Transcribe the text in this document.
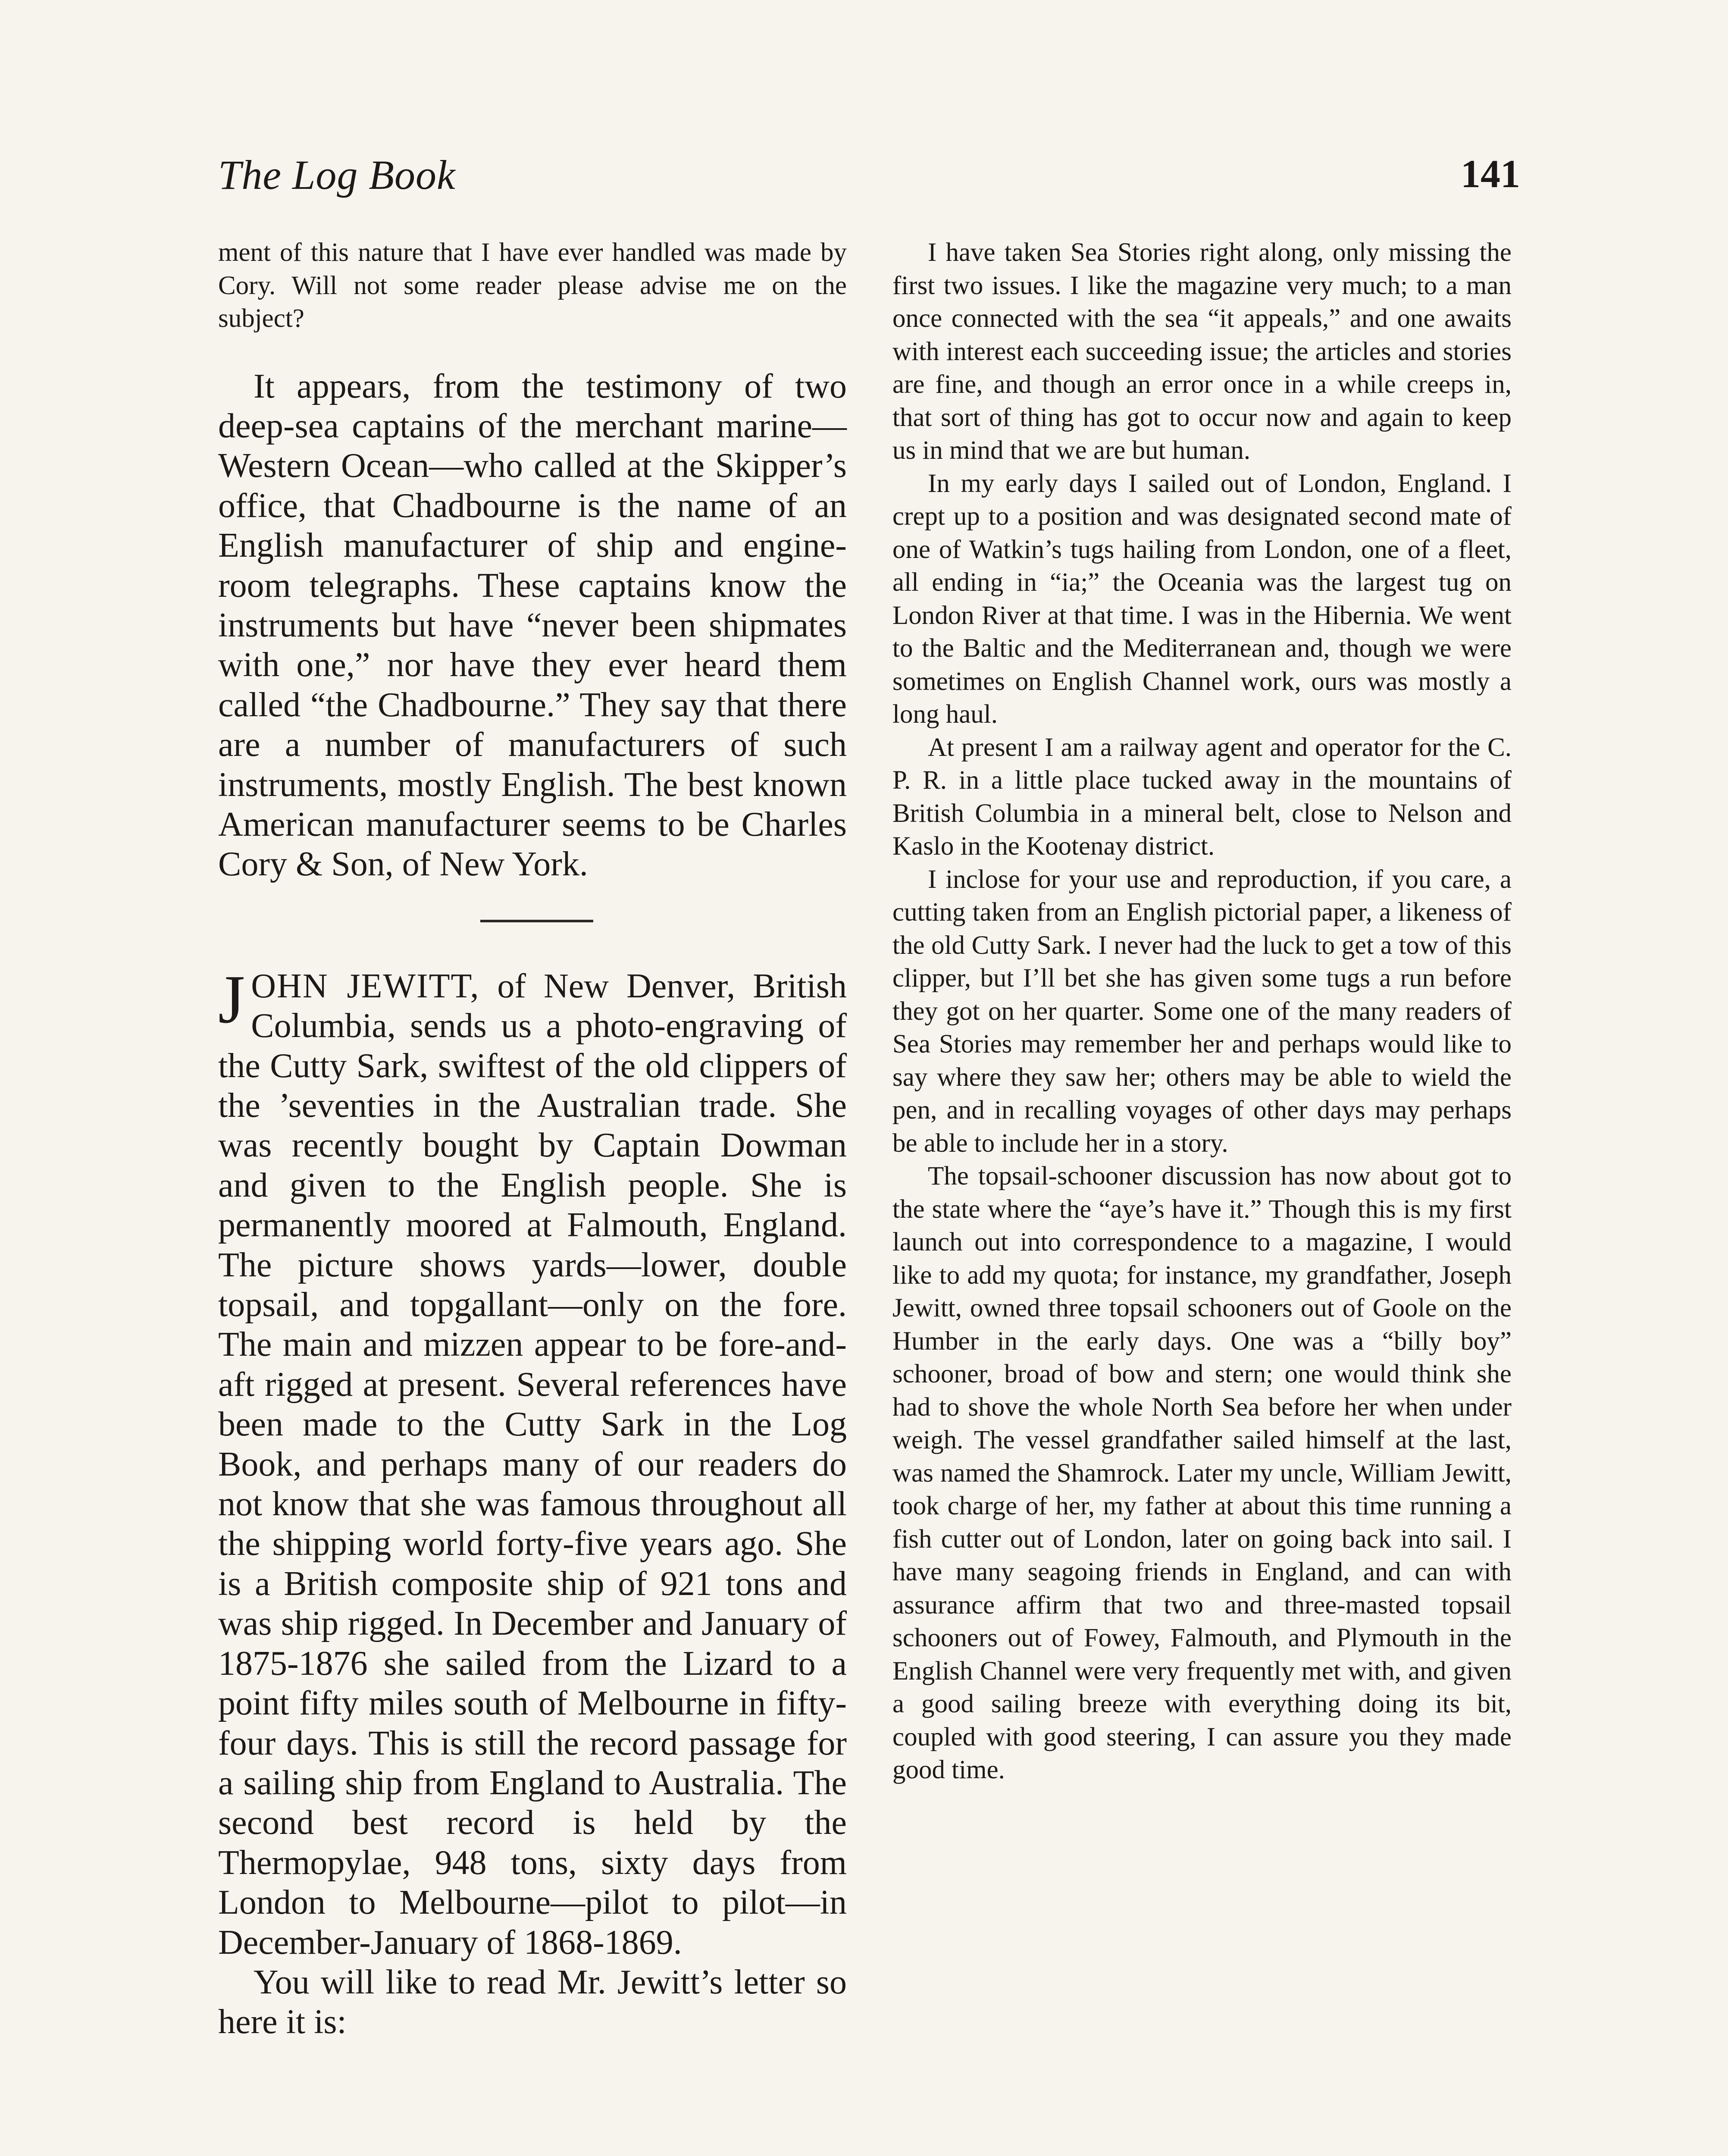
The Log Book	141

ment of this nature that I have ever handled was made by Cory. Will not some reader please advise me on the subject?

It appears, from the testimony of two deep-sea captains of the merchant marine—Western Ocean—who called at the Skipper’s office, that Chadbourne is the name of an English manufacturer of ship and engine-room telegraphs. These captains know the instruments but have “never been shipmates with one,” nor have they ever heard them called “the Chadbourne.” They say that there are a number of manufacturers of such instruments, mostly English. The best known American manufacturer seems to be Charles Cory & Son, of New York.

JOHN JEWITT, of New Denver, British Columbia, sends us a photo-engraving of the Cutty Sark, swiftest of the old clippers of the ’seventies in the Australian trade. She was recently bought by Captain Dowman and given to the English people. She is permanently moored at Falmouth, England. The picture shows yards—lower, double topsail, and topgallant—only on the fore. The main and mizzen appear to be fore-and-aft rigged at present. Several references have been made to the Cutty Sark in the Log Book, and perhaps many of our readers do not know that she was famous throughout all the shipping world forty-five years ago. She is a British composite ship of 921 tons and was ship rigged. In December and January of 1875-1876 she sailed from the Lizard to a point fifty miles south of Melbourne in fifty-four days. This is still the record passage for a sailing ship from England to Australia. The second best record is held by the Thermopylae, 948 tons, sixty days from London to Melbourne—pilot to pilot—in December-January of 1868-1869.

You will like to read Mr. Jewitt’s letter so here it is:

I have taken Sea Stories right along, only missing the first two issues. I like the magazine very much; to a man once connected with the sea “it appeals,” and one awaits with interest each succeeding issue; the articles and stories are fine, and though an error once in a while creeps in, that sort of thing has got to occur now and again to keep us in mind that we are but human.

In my early days I sailed out of London, England. I crept up to a position and was designated second mate of one of Watkin’s tugs hailing from London, one of a fleet, all ending in “ia;” the Oceania was the largest tug on London River at that time. I was in the Hibernia. We went to the Baltic and the Mediterranean and, though we were sometimes on English Channel work, ours was mostly a long haul.

At present I am a railway agent and operator for the C. P. R. in a little place tucked away in the mountains of British Columbia in a mineral belt, close to Nelson and Kaslo in the Kootenay district.

I inclose for your use and reproduction, if you care, a cutting taken from an English pictorial paper, a likeness of the old Cutty Sark. I never had the luck to get a tow of this clipper, but I’ll bet she has given some tugs a run before they got on her quarter. Some one of the many readers of Sea Stories may remember her and perhaps would like to say where they saw her; others may be able to wield the pen, and in recalling voyages of other days may perhaps be able to include her in a story.

The topsail-schooner discussion has now about got to the state where the “aye’s have it.” Though this is my first launch out into correspondence to a magazine, I would like to add my quota; for instance, my grandfather, Joseph Jewitt, owned three topsail schooners out of Goole on the Humber in the early days. One was a “billy boy” schooner, broad of bow and stern; one would think she had to shove the whole North Sea before her when under weigh. The vessel grandfather sailed himself at the last, was named the Shamrock. Later my uncle, William Jewitt, took charge of her, my father at about this time running a fish cutter out of London, later on going back into sail. I have many seagoing friends in England, and can with assurance affirm that two and three-masted topsail schooners out of Fowey, Falmouth, and Plymouth in the English Channel were very frequently met with, and given a good sailing breeze with everything doing its bit, coupled with good steering, I can assure you they made good time.
